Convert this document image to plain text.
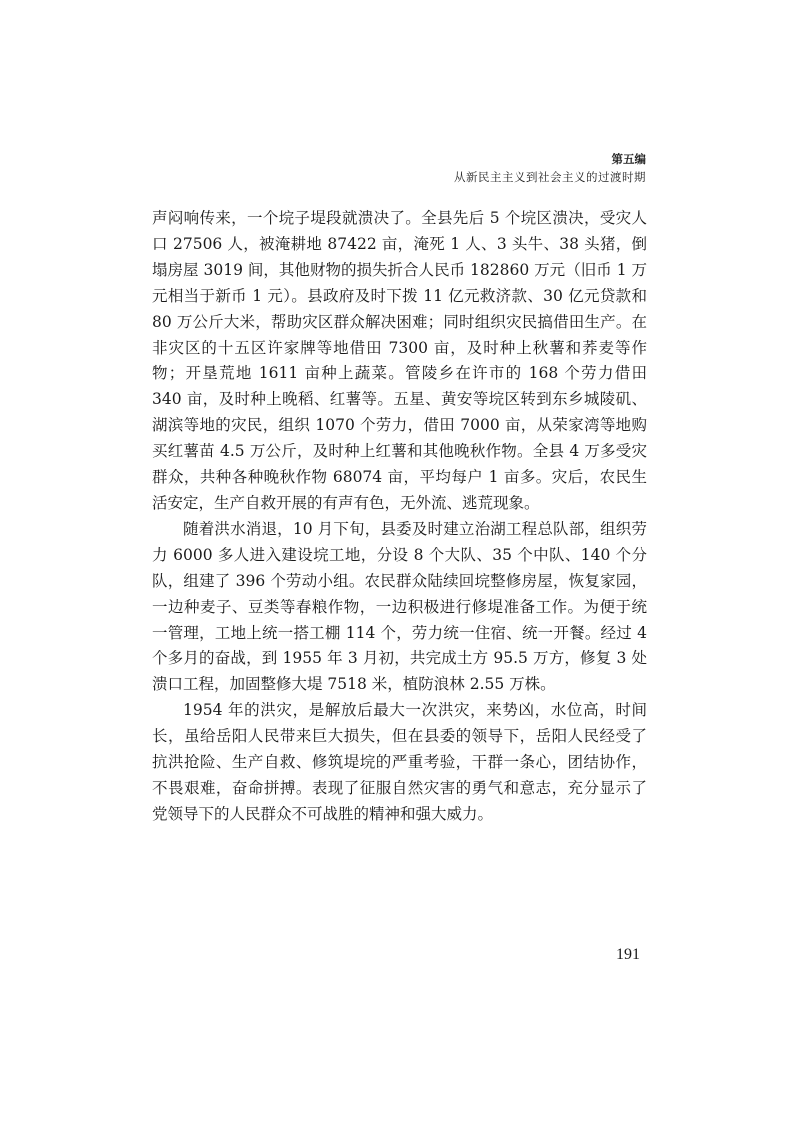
第五编
从新民主主义到社会主义的过渡时期

声闷响传来，一个垸子堤段就溃决了。全县先后 5 个垸区溃决，受灾人口 27506 人，被淹耕地 87422 亩，淹死 1 人、3 头牛、38 头猪，倒塌房屋 3019 间，其他财物的损失折合人民币 182860 万元（旧币 1 万元相当于新币 1 元）。县政府及时下拨 11 亿元救济款、30 亿元贷款和 80 万公斤大米，帮助灾区群众解决困难；同时组织灾民搞借田生产。在非灾区的十五区许家牌等地借田 7300 亩，及时种上秋薯和荞麦等作物；开垦荒地 1611 亩种上蔬菜。管陵乡在许市的 168 个劳力借田 340 亩，及时种上晚稻、红薯等。五星、黄安等垸区转到东乡城陵矶、湖滨等地的灾民，组织 1070 个劳力，借田 7000 亩，从荣家湾等地购买红薯苗 4.5 万公斤，及时种上红薯和其他晚秋作物。全县 4 万多受灾群众，共种各种晚秋作物 68074 亩，平均每户 1 亩多。灾后，农民生活安定，生产自救开展的有声有色，无外流、逃荒现象。

随着洪水消退，10 月下旬，县委及时建立治湖工程总队部，组织劳力 6000 多人进入建设垸工地，分设 8 个大队、35 个中队、140 个分队，组建了 396 个劳动小组。农民群众陆续回垸整修房屋，恢复家园，一边种麦子、豆类等春粮作物，一边积极进行修堤准备工作。为便于统一管理，工地上统一搭工棚 114 个，劳力统一住宿、统一开餐。经过 4 个多月的奋战，到 1955 年 3 月初，共完成土方 95.5 万方，修复 3 处溃口工程，加固整修大堤 7518 米，植防浪林 2.55 万株。

1954 年的洪灾，是解放后最大一次洪灾，来势凶，水位高，时间长，虽给岳阳人民带来巨大损失，但在县委的领导下，岳阳人民经受了抗洪抢险、生产自救、修筑堤垸的严重考验，干群一条心，团结协作，不畏艰难，奋命拼搏。表现了征服自然灾害的勇气和意志，充分显示了党领导下的人民群众不可战胜的精神和强大威力。

191
